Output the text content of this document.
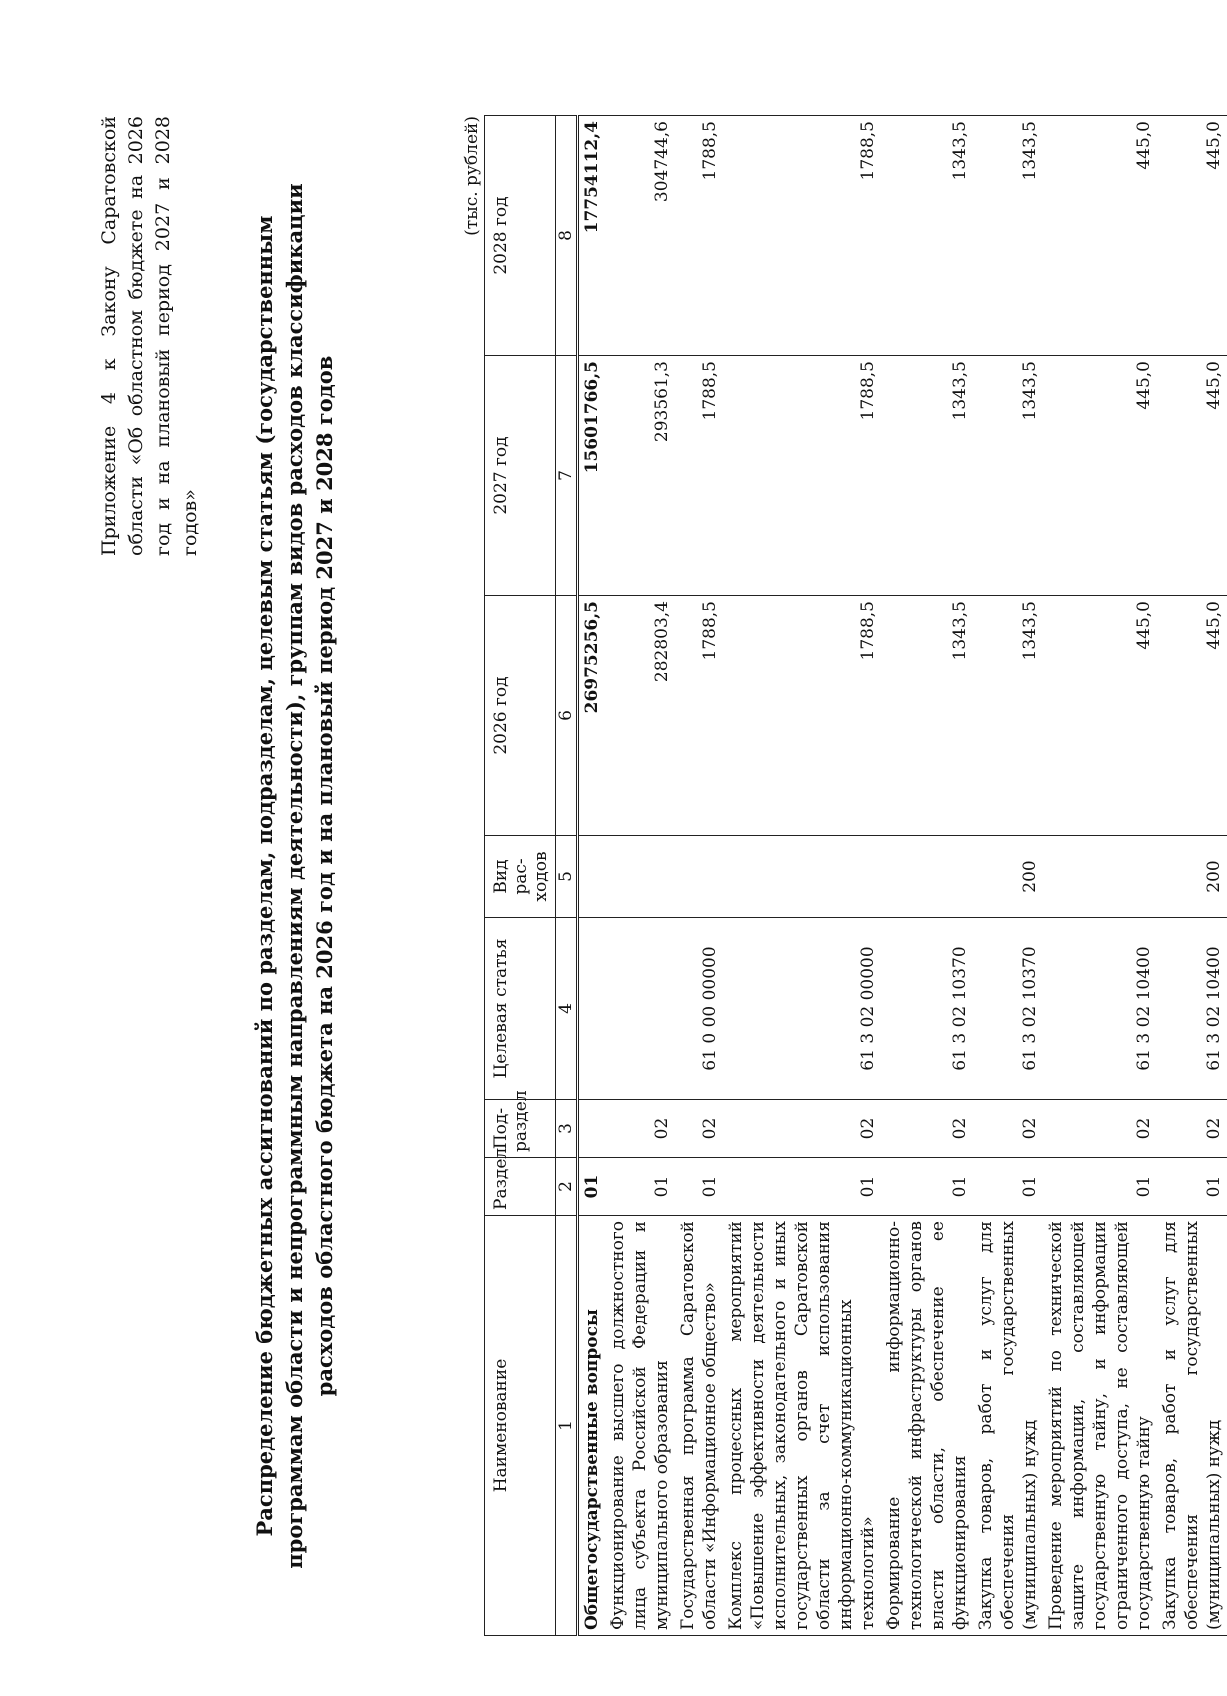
Приложение 4 к Закону Саратовской области «Об областном бюджете на 2026 год и на плановый период 2027 и 2028 годов» Распределение бюджетных ассигнований по разделам, подразделам, целевым статьям (государственным программам области и непрограммным направлениям деятельности), группам видов расходов классификации расходов областного бюджета на 2026 год и на плановый период 2027 и 2028 годов
(тыс. рублей)
Наименование	Раздел	Под-раздел	Целевая статья	Вид рас-ходов	2026 год	2027 год	2028 год
1	2	3	4	5	6	7	8
Общегосударственные вопросы	01				26975256,5	15601766,5	17754112,4
Функционирование высшего должностного лица субъекта Российской Федерации и муниципального образования	01	02			282803,4	293561,3	304744,6
Государственная программа Саратовской области «Информационное общество»	01	02	61 0 00 00000		1788,5	1788,5	1788,5
Комплекс процессных мероприятий «Повышение эффективности деятельности исполнительных, законодательного и иных государственных органов Саратовской области за счет использования информационно-коммуникационных технологий»	01	02	61 3 02 00000		1788,5	1788,5	1788,5
Формирование информационно-технологической инфраструктуры органов власти области, обеспечение ее функционирования	01	02	61 3 02 10370		1343,5	1343,5	1343,5
Закупка товаров, работ и услуг для обеспечения государственных (муниципальных) нужд	01	02	61 3 02 10370	200	1343,5	1343,5	1343,5
Проведение мероприятий по технической защите информации, составляющей государственную тайну, и информации ограниченного доступа, не составляющей государственную тайну	01	02	61 3 02 10400		445,0	445,0	445,0
Закупка товаров, работ и услуг для обеспечения государственных (муниципальных) нужд	01	02	61 3 02 10400	200	445,0	445,0	445,0
